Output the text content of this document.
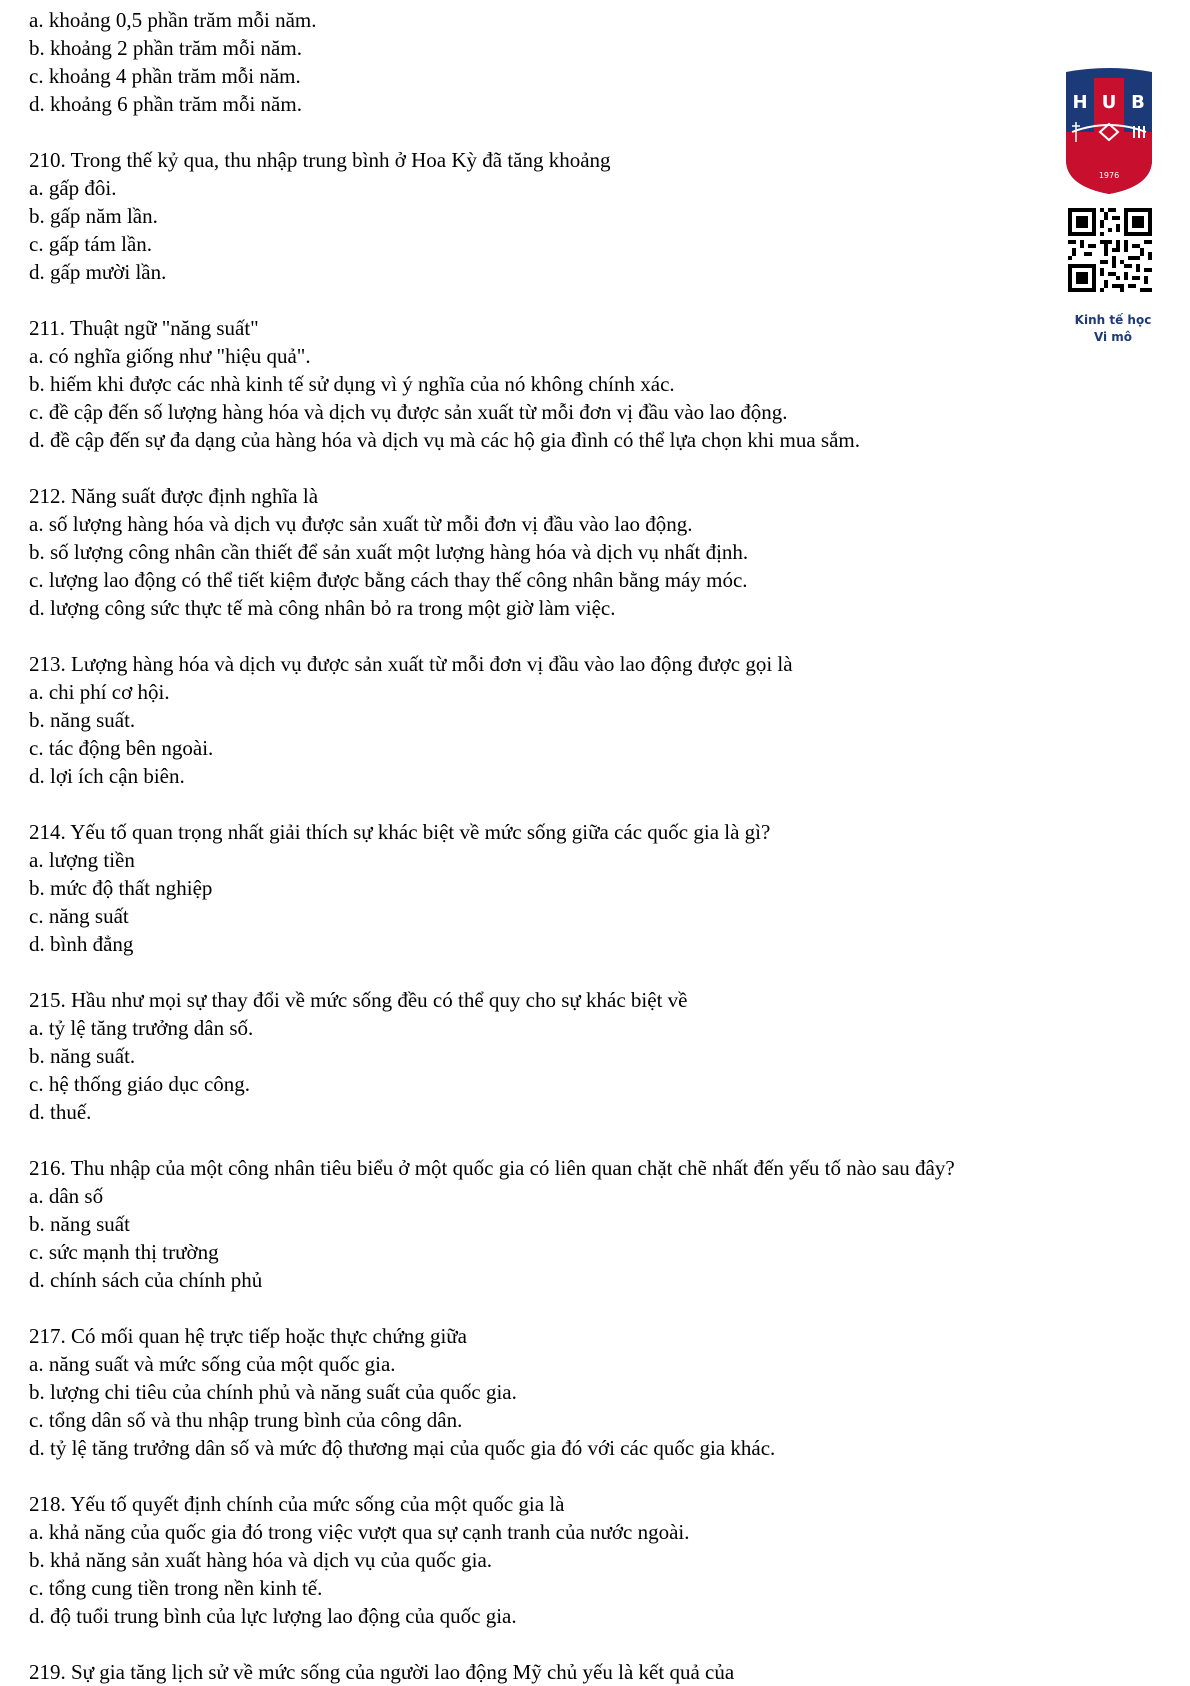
a. khoảng 0,5 phần trăm mỗi năm.
b. khoảng 2 phần trăm mỗi năm.
c. khoảng 4 phần trăm mỗi năm.
d. khoảng 6 phần trăm mỗi năm.
210. Trong thế kỷ qua, thu nhập trung bình ở Hoa Kỳ đã tăng khoảng
a. gấp đôi.
b. gấp năm lần.
c. gấp tám lần.
d. gấp mười lần.
211. Thuật ngữ "năng suất"
a. có nghĩa giống như "hiệu quả".
b. hiếm khi được các nhà kinh tế sử dụng vì ý nghĩa của nó không chính xác.
c. đề cập đến số lượng hàng hóa và dịch vụ được sản xuất từ mỗi đơn vị đầu vào lao động.
d. đề cập đến sự đa dạng của hàng hóa và dịch vụ mà các hộ gia đình có thể lựa chọn khi mua sắm.
212. Năng suất được định nghĩa là
a. số lượng hàng hóa và dịch vụ được sản xuất từ mỗi đơn vị đầu vào lao động.
b. số lượng công nhân cần thiết để sản xuất một lượng hàng hóa và dịch vụ nhất định.
c. lượng lao động có thể tiết kiệm được bằng cách thay thế công nhân bằng máy móc.
d. lượng công sức thực tế mà công nhân bỏ ra trong một giờ làm việc.
213. Lượng hàng hóa và dịch vụ được sản xuất từ mỗi đơn vị đầu vào lao động được gọi là
a. chi phí cơ hội.
b. năng suất.
c. tác động bên ngoài.
d. lợi ích cận biên.
214. Yếu tố quan trọng nhất giải thích sự khác biệt về mức sống giữa các quốc gia là gì?
a. lượng tiền
b. mức độ thất nghiệp
c. năng suất
d. bình đẳng
215. Hầu như mọi sự thay đổi về mức sống đều có thể quy cho sự khác biệt về
a. tỷ lệ tăng trưởng dân số.
b. năng suất.
c. hệ thống giáo dục công.
d. thuế.
216. Thu nhập của một công nhân tiêu biểu ở một quốc gia có liên quan chặt chẽ nhất đến yếu tố nào sau đây?
a. dân số
b. năng suất
c. sức mạnh thị trường
d. chính sách của chính phủ
217. Có mối quan hệ trực tiếp hoặc thực chứng giữa
a. năng suất và mức sống của một quốc gia.
b. lượng chi tiêu của chính phủ và năng suất của quốc gia.
c. tổng dân số và thu nhập trung bình của công dân.
d. tỷ lệ tăng trưởng dân số và mức độ thương mại của quốc gia đó với các quốc gia khác.
218. Yếu tố quyết định chính của mức sống của một quốc gia là
a. khả năng của quốc gia đó trong việc vượt qua sự cạnh tranh của nước ngoài.
b. khả năng sản xuất hàng hóa và dịch vụ của quốc gia.
c. tổng cung tiền trong nền kinh tế.
d. độ tuổi trung bình của lực lượng lao động của quốc gia.
219. Sự gia tăng lịch sử về mức sống của người lao động Mỹ chủ yếu là kết quả của
H U B
1976
Kinh tế học
Vi mô
